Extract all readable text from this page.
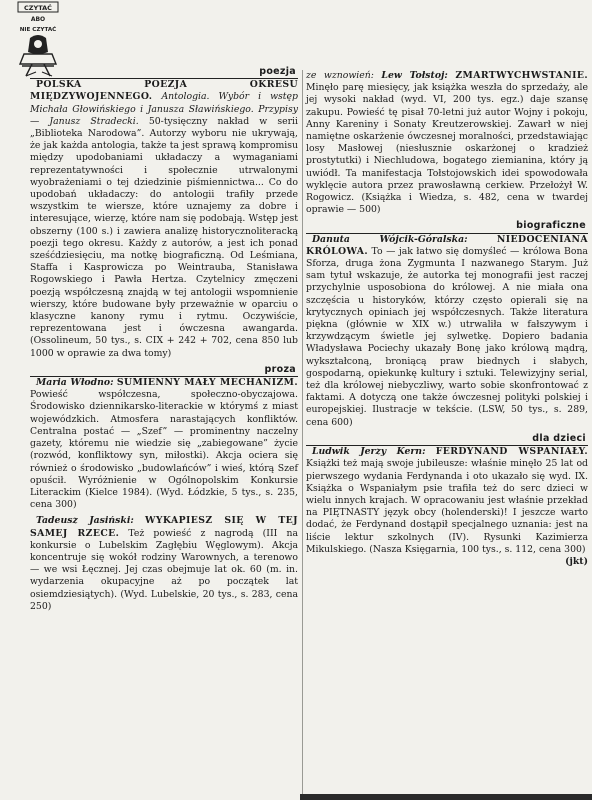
CZYTAĆ
ABO
NIE CZYTAĆ
poezja

POLSKA POEZJA OKRESU MIĘDZYWOJENNEGO. Antologia. Wybór i wstęp Michała Głowińskiego i Janusza Sławińskiego. Przypisy — Janusz Stradecki. 50-tysięczny nakład w serii „Biblioteka Narodowa”. Autorzy wyboru nie ukrywają, że jak każda antologia, także ta jest sprawą kompromisu między upodobaniami układaczy a wymaganiami reprezentatywności i społecznie utrwalonymi wyobrażeniami o tej dziedzinie piśmiennictwa... Co do upodobań układaczy: do antologii trafiły przede wszystkim te wiersze, które uznajemy za dobre i interesujące, wierzę, które nam się podobają. Wstęp jest obszerny (100 s.) i zawiera analizę historycznoliteracką poezji tego okresu. Każdy z autorów, a jest ich ponad sześćdziesięciu, ma notkę biograficzną. Od Leśmiana, Staffa i Kasprowicza po Weintrauba, Stanisława Rogowskiego i Pawła Hertza. Czytelnicy zmęczeni poezją współczesną znajdą w tej antologii wspomnienie wierszy, które budowane były przeważnie w oparciu o klasyczne kanony rymu i rytmu. Oczywiście, reprezentowana jest i ówczesna awangarda. (Ossolineum, 50 tys., s. CIX + 242 + 702, cena 850 lub 1000 w oprawie za dwa tomy)

proza

Maria Włodno: SUMIENNY MAŁY MECHANIZM. Powieść współczesna, społeczno-obyczajowa. Środowisko dziennikarsko-literackie w którymś z miast wojewódzkich. Atmosfera narastających konfliktów. Centralna postać — „Szef” — prominentny naczelny gazety, któremu nie wiedzie się „zabiegowane” życie (rozwód, konfliktowy syn, miłostki). Akcja ociera się również o środowisko „budowlańców” i wieś, którą Szef opuścił. Wyróżnienie w Ogólnopolskim Konkursie Literackim (Kielce 1984). (Wyd. Łódzkie, 5 tys., s. 235, cena 300)

Tadeusz Jasiński: WYKAPIESZ SIĘ W TEJ SAMEJ RZECE. Też powieść z nagrodą (III na konkursie o Lubelskim Zagłębiu Węglowym). Akcja koncentruje się wokół rodziny Warownych, a terenowo — we wsi Łęcznej. Jej czas obejmuje lat ok. 60 (m. in. wydarzenia okupacyjne aż po początek lat osiemdziesiątych). (Wyd. Lubelskie, 20 tys., s. 283, cena 250)

ze wznowień: Lew Tołstoj: ZMARTWYCHWSTANIE. Minęło parę miesięcy, jak książka weszła do sprzedaży, ale jej wysoki nakład (wyd. VI, 200 tys. egz.) daje szansę zakupu. Powieść tę pisał 70-letni już autor Wojny i pokoju, Anny Kareniny i Sonaty Kreutzerowskiej. Zawarł w niej namiętne oskarżenie ówczesnej moralności, przedstawiając losy Masłowej (niesłusznie oskarżonej o kradzież prostytutki) i Niechludowa, bogatego ziemianina, który ją uwiódł. Ta manifestacja Tołstojowskich idei spowodowała wyklęcie autora przez prawosławną cerkiew. Przełożył W. Rogowicz. (Książka i Wiedza, s. 482, cena w twardej oprawie — 500)

biograficzne

Danuta Wójcik-Góralska:	NIEDOCENIANA KRÓLOWA. To — jak łatwo się domyśleć — królowa Bona Sforza, druga żona Zygmunta I nazwanego Starym. Już sam tytuł wskazuje, że autorka tej monografii jest raczej przychylnie usposobiona do królowej. A nie miała ona szczęścia u historyków, którzy często opierali się na krytycznych opiniach jej współczesnych. Także literatura piękna (głównie w XIX w.) utrwaliła w fałszywym i krzywdzącym świetle jej sylwetkę. Dopiero badania Władysława Pociechy ukazały Bonę jako królową mądrą, wykształconą, broniącą praw biednych i słabych, gospodarną, opiekunkę kultury i sztuki. Telewizyjny serial, też dla królowej niebyczliwy, warto sobie skonfrontować z faktami. A dotyczą one także ówczesnej polityki polskiej i europejskiej. Ilustracje w tekście. (LSW, 50 tys., s. 289, cena 600)

dla dzieci

Ludwik Jerzy Kern: FERDYNAND WSPANIAŁY. Książki też mają swoje jubileusze: właśnie minęło 25 lat od pierwszego wydania Ferdynanda i oto ukazało się wyd. IX. Książka o Wspaniałym psie trafiła też do serc dzieci w wielu innych krajach. W opracowaniu jest właśnie przekład na PIĘTNASTY język obcy (holenderski)! I jeszcze warto dodać, że Ferdynand dostąpił specjalnego uznania: jest na liście lektur szkolnych (IV). Rysunki Kazimierza Mikulskiego. (Nasza Księgarnia, 100 tys., s. 112, cena 300)
(jkt)
